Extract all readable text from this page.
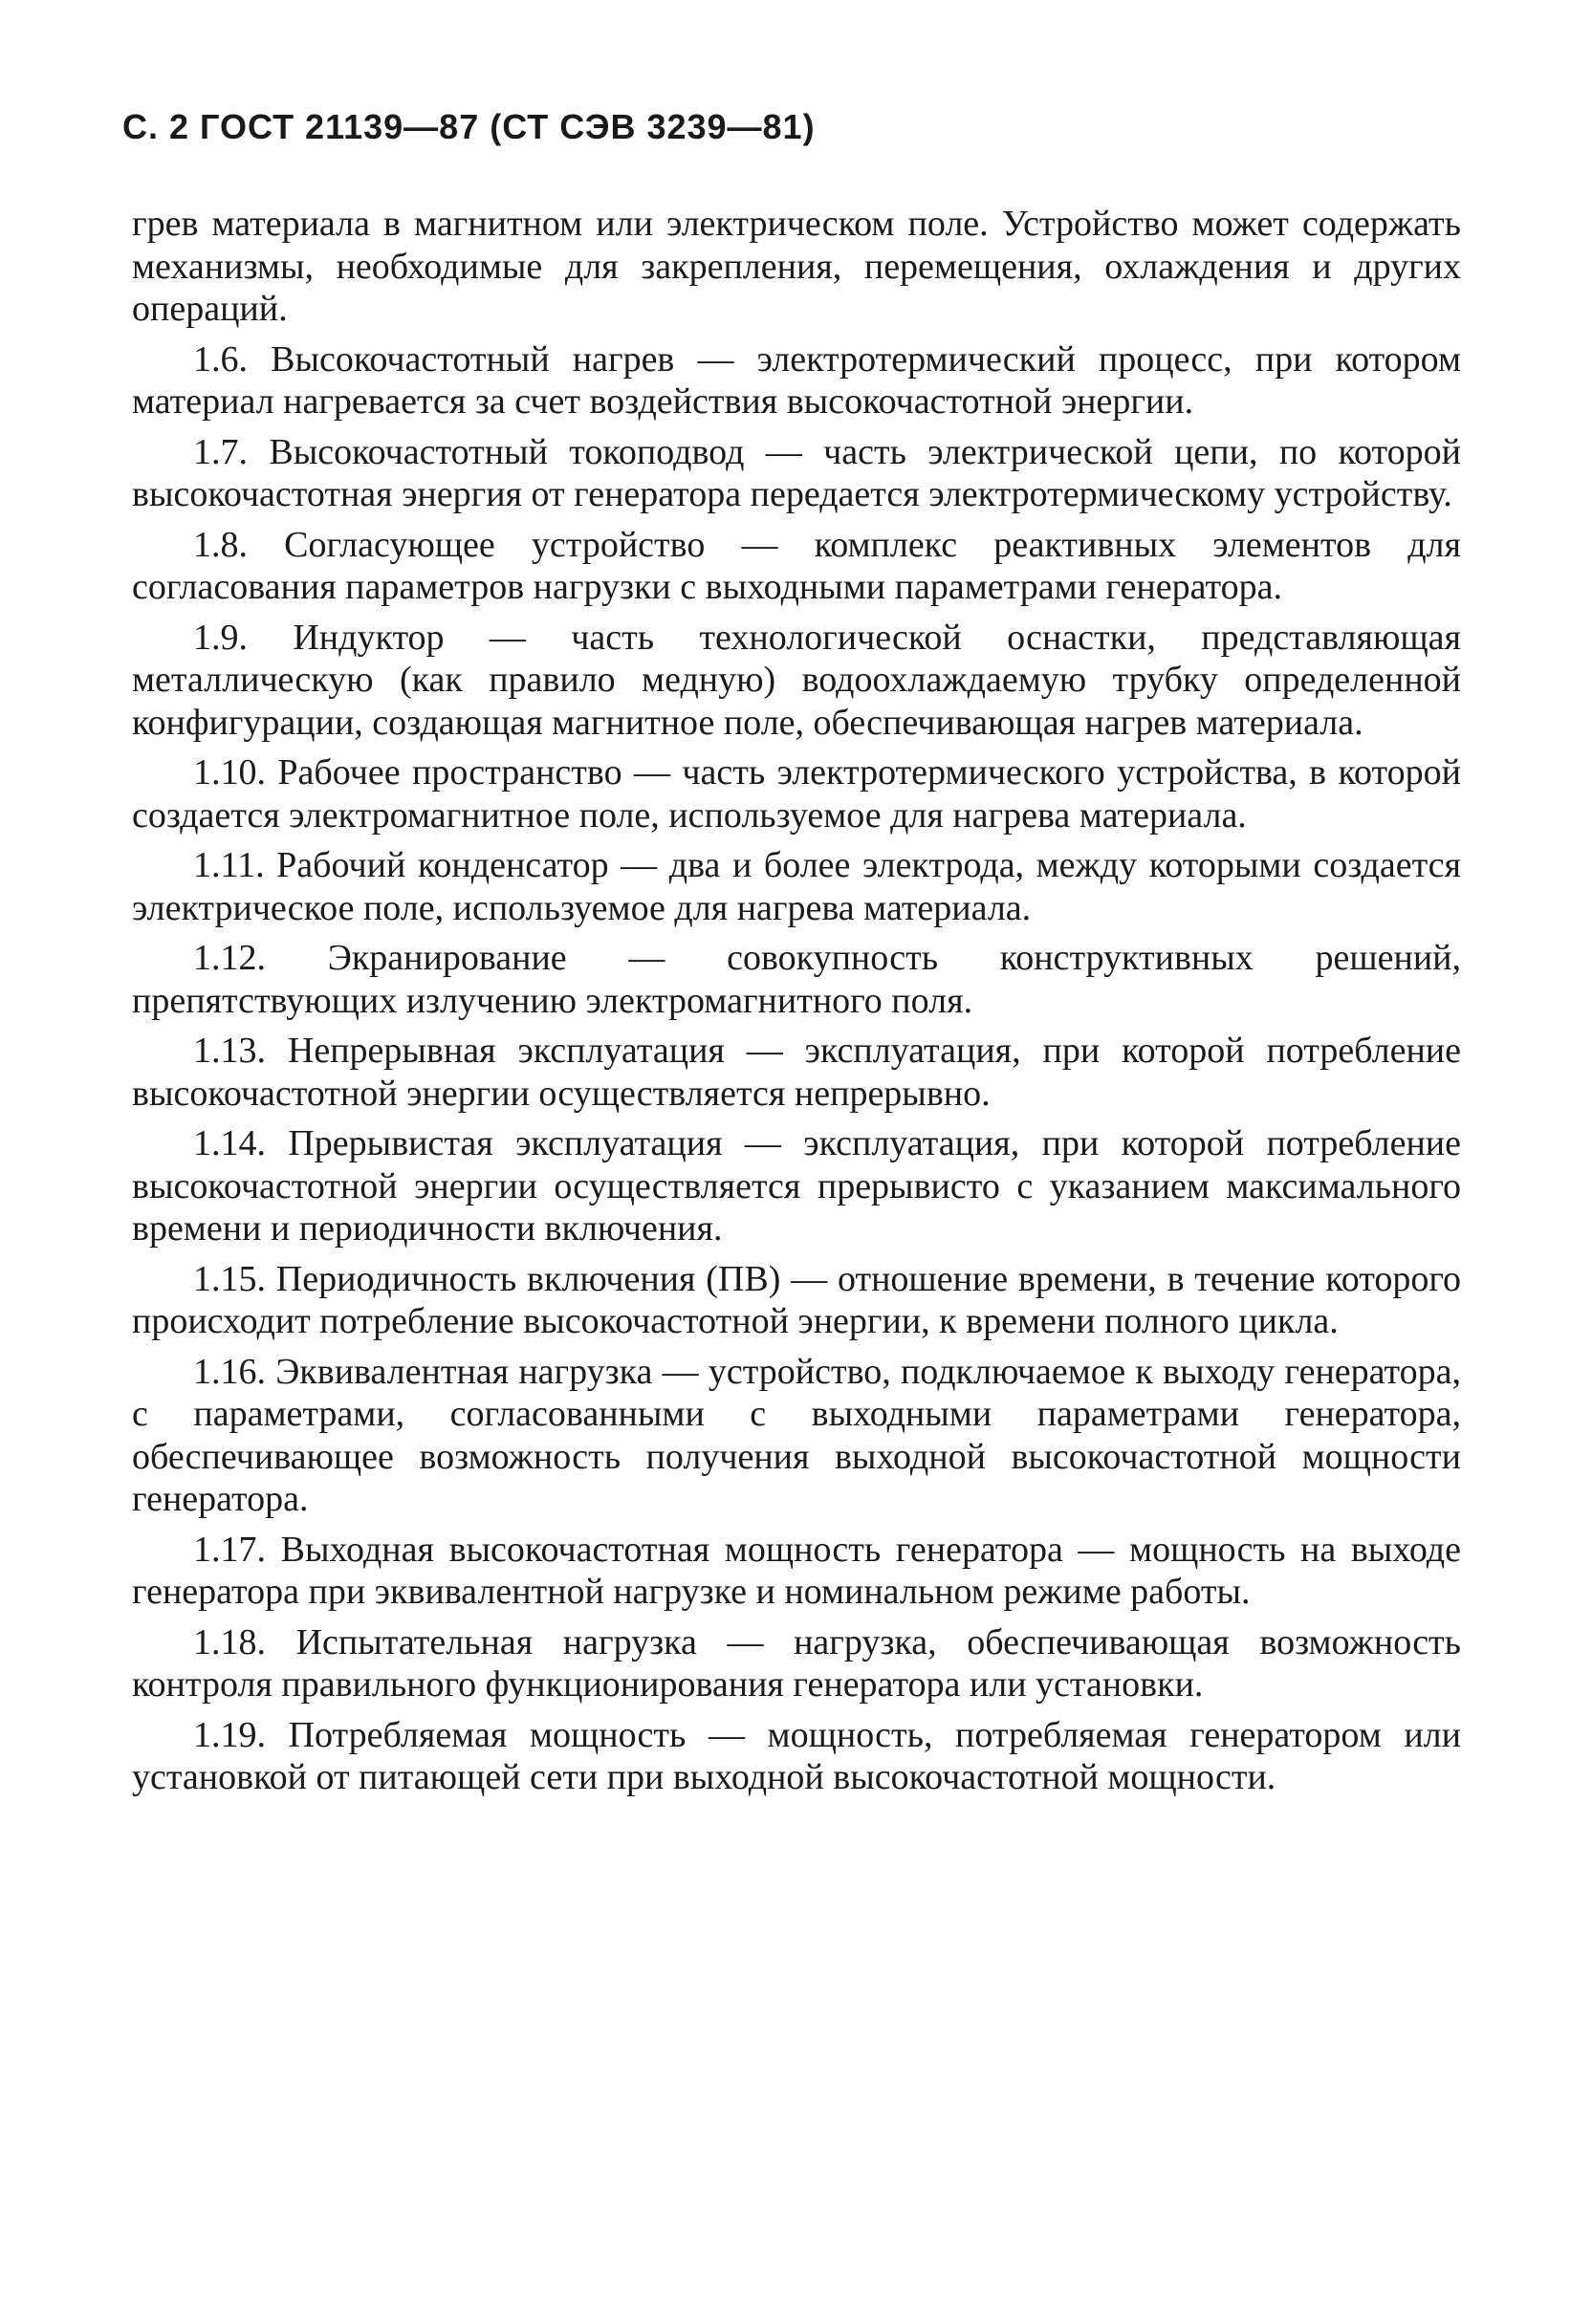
С. 2 ГОСТ 21139—87 (СТ СЭВ 3239—81)

грев материала в магнитном или электрическом поле. Устройство может содержать механизмы, необходимые для закрепления, перемещения, охлаждения и других операций.

1.6. Высокочастотный нагрев — электротермический процесс, при котором материал нагревается за счет воздействия высокочастотной энергии.

1.7. Высокочастотный токоподвод — часть электрической цепи, по которой высокочастотная энергия от генератора передается электротермическому устройству.

1.8. Согласующее устройство — комплекс реактивных элементов для согласования параметров нагрузки с выходными параметрами генератора.

1.9. Индуктор — часть технологической оснастки, представляющая металлическую (как правило медную) водоохлаждаемую трубку определенной конфигурации, создающая магнитное поле, обеспечивающая нагрев материала.

1.10. Рабочее пространство — часть электротермического устройства, в которой создается электромагнитное поле, используемое для нагрева материала.

1.11. Рабочий конденсатор — два и более электрода, между которыми создается электрическое поле, используемое для нагрева материала.

1.12. Экранирование — совокупность конструктивных решений, препятствующих излучению электромагнитного поля.

1.13. Непрерывная эксплуатация — эксплуатация, при которой потребление высокочастотной энергии осуществляется непрерывно.

1.14. Прерывистая эксплуатация — эксплуатация, при которой потребление высокочастотной энергии осуществляется прерывисто с указанием максимального времени и периодичности включения.

1.15. Периодичность включения (ПВ) — отношение времени, в течение которого происходит потребление высокочастотной энергии, к времени полного цикла.

1.16. Эквивалентная нагрузка — устройство, подключаемое к выходу генератора, с параметрами, согласованными с выходными параметрами генератора, обеспечивающее возможность получения выходной высокочастотной мощности генератора.

1.17. Выходная высокочастотная мощность генератора — мощность на выходе генератора при эквивалентной нагрузке и номинальном режиме работы.

1.18. Испытательная нагрузка — нагрузка, обеспечивающая возможность контроля правильного функционирования генератора или установки.

1.19. Потребляемая мощность — мощность, потребляемая генератором или установкой от питающей сети при выходной высокочастотной мощности.
